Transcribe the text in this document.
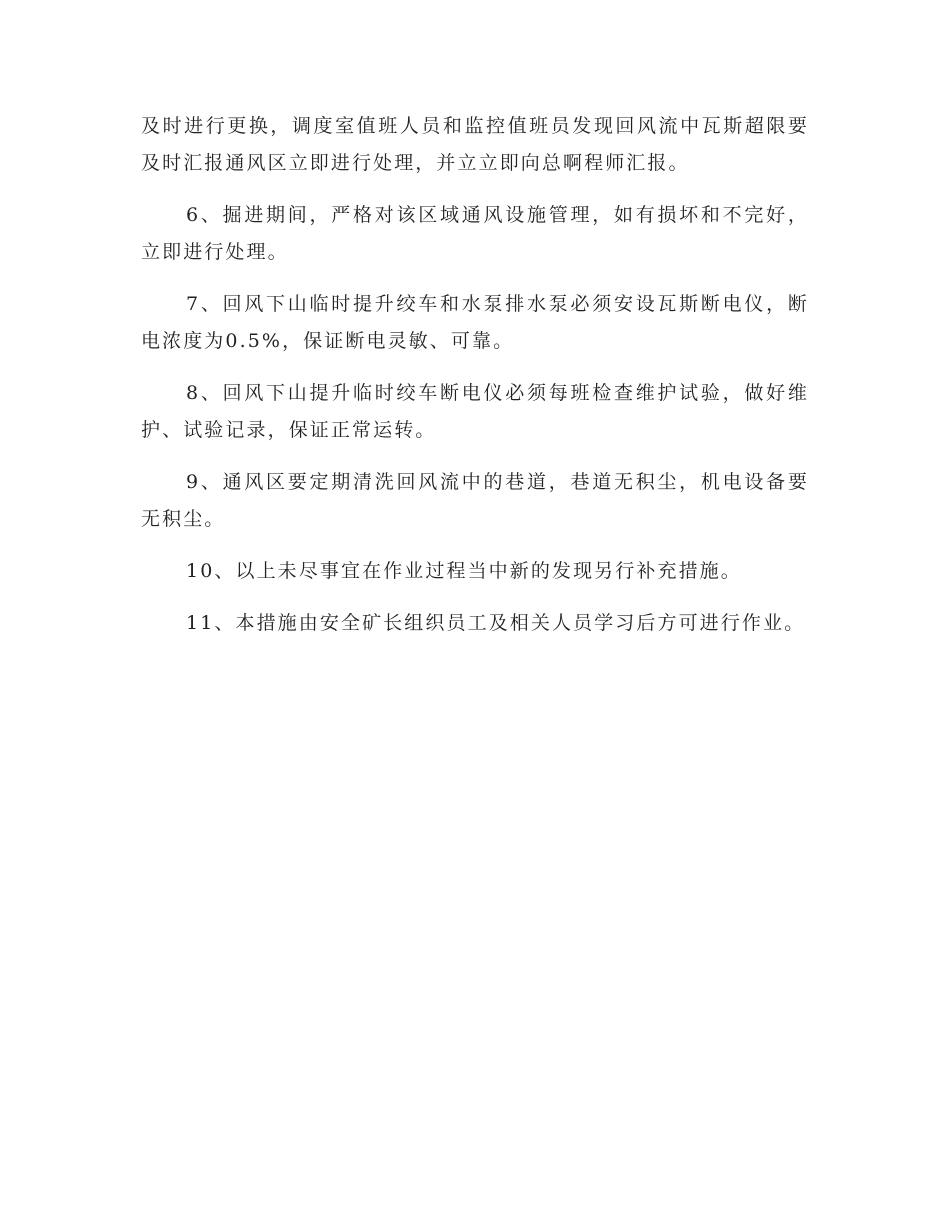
及时进行更换，调度室值班人员和监控值班员发现回风流中瓦斯超限要及时汇报通风区立即进行处理，并立立即向总啊程师汇报。

6、掘进期间，严格对该区域通风设施管理，如有损坏和不完好，立即进行处理。

7、回风下山临时提升绞车和水泵排水泵必须安设瓦斯断电仪，断电浓度为0.5%，保证断电灵敏、可靠。

8、回风下山提升临时绞车断电仪必须每班检查维护试验，做好维护、试验记录，保证正常运转。

9、通风区要定期清洗回风流中的巷道，巷道无积尘，机电设备要无积尘。

10、以上未尽事宜在作业过程当中新的发现另行补充措施。

11、本措施由安全矿长组织员工及相关人员学习后方可进行作业。
